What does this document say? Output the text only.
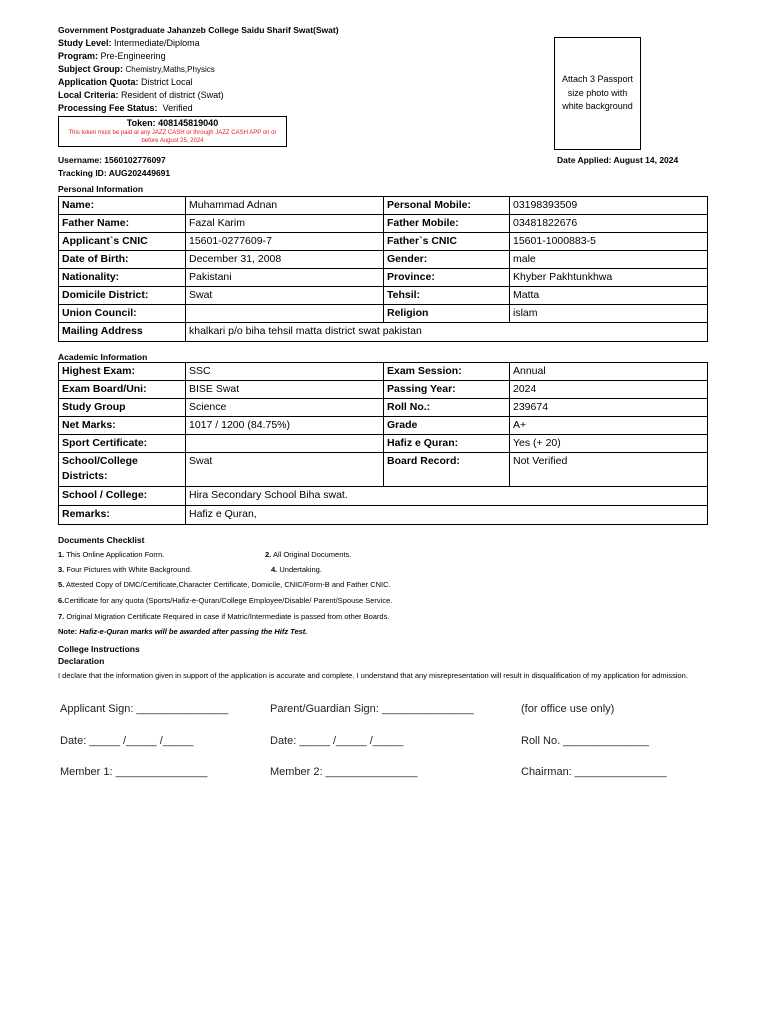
Government Postgraduate Jahanzeb College Saidu Sharif Swat(Swat)
Study Level: Intermediate/Diploma
Program: Pre-Engineering
Subject Group: Chemistry,Maths,Physics
Application Quota: District Local
Local Criteria: Resident of district (Swat)
Processing Fee Status: Verified
Token: 408145819040
This token must be paid at any JAZZ CASH or through JAZZ CASH APP on or before August 25, 2024
Attach 3 Passport size photo with white background
Username: 1560102776097
Tracking ID: AUG202449691
Date Applied: August 14, 2024
Personal Information
Name:	Muhammad Adnan	Personal Mobile:	03198393509
Father Name:	Fazal Karim	Father Mobile:	03481822676
Applicant`s CNIC	15601-0277609-7	Father`s CNIC	15601-1000883-5
Date of Birth:	December 31, 2008	Gender:	male
Nationality:	Pakistani	Province:	Khyber Pakhtunkhwa
Domicile District:	Swat	Tehsil:	Matta
Union Council:		Religion	islam
Mailing Address	khalkari p/o biha tehsil matta district swat pakistan		
Academic Information
Highest Exam:	SSC	Exam Session:	Annual
Exam Board/Uni:	BISE Swat	Passing Year:	2024
Study Group	Science	Roll No.:	239674
Net Marks:	1017 / 1200 (84.75%)	Grade	A+
Sport Certificate:		Hafiz e Quran:	Yes (+ 20)
School/College Districts:	Swat	Board Record:	Not Verified
School / College:	Hira Secondary School Biha swat.		
Remarks:	Hafiz e Quran,		
Documents Checklist
1. This Online Application Form.	2. All Original Documents.
3. Four Pictures with White Background.	4. Undertaking.
5. Attested Copy of DMC/Certificate,Character Certificate, Domicile, CNIC/Form-B and Father CNIC.
6.Certificate for any quota (Sports/Hafiz-e-Quran/College Employee/Disable/ Parent/Spouse Service.
7. Original Migration Certificate Required in case if Matric/Intermediate is passed from other Boards.
Note: Hafiz-e-Quran marks will be awarded after passing the Hifz Test.
College Instructions
Declaration
I declare that the information given in support of the application is accurate and complete. I understand that any misrepresentation will result in disqualification of my application for admission.
Applicant Sign: _______________	Parent/Guardian Sign: _______________	(for office use only)
Date: _____ /_____ /_____	Date: _____ /_____ /_____	Roll No. ______________
Member 1: _______________	Member 2: _______________	Chairman: _______________
